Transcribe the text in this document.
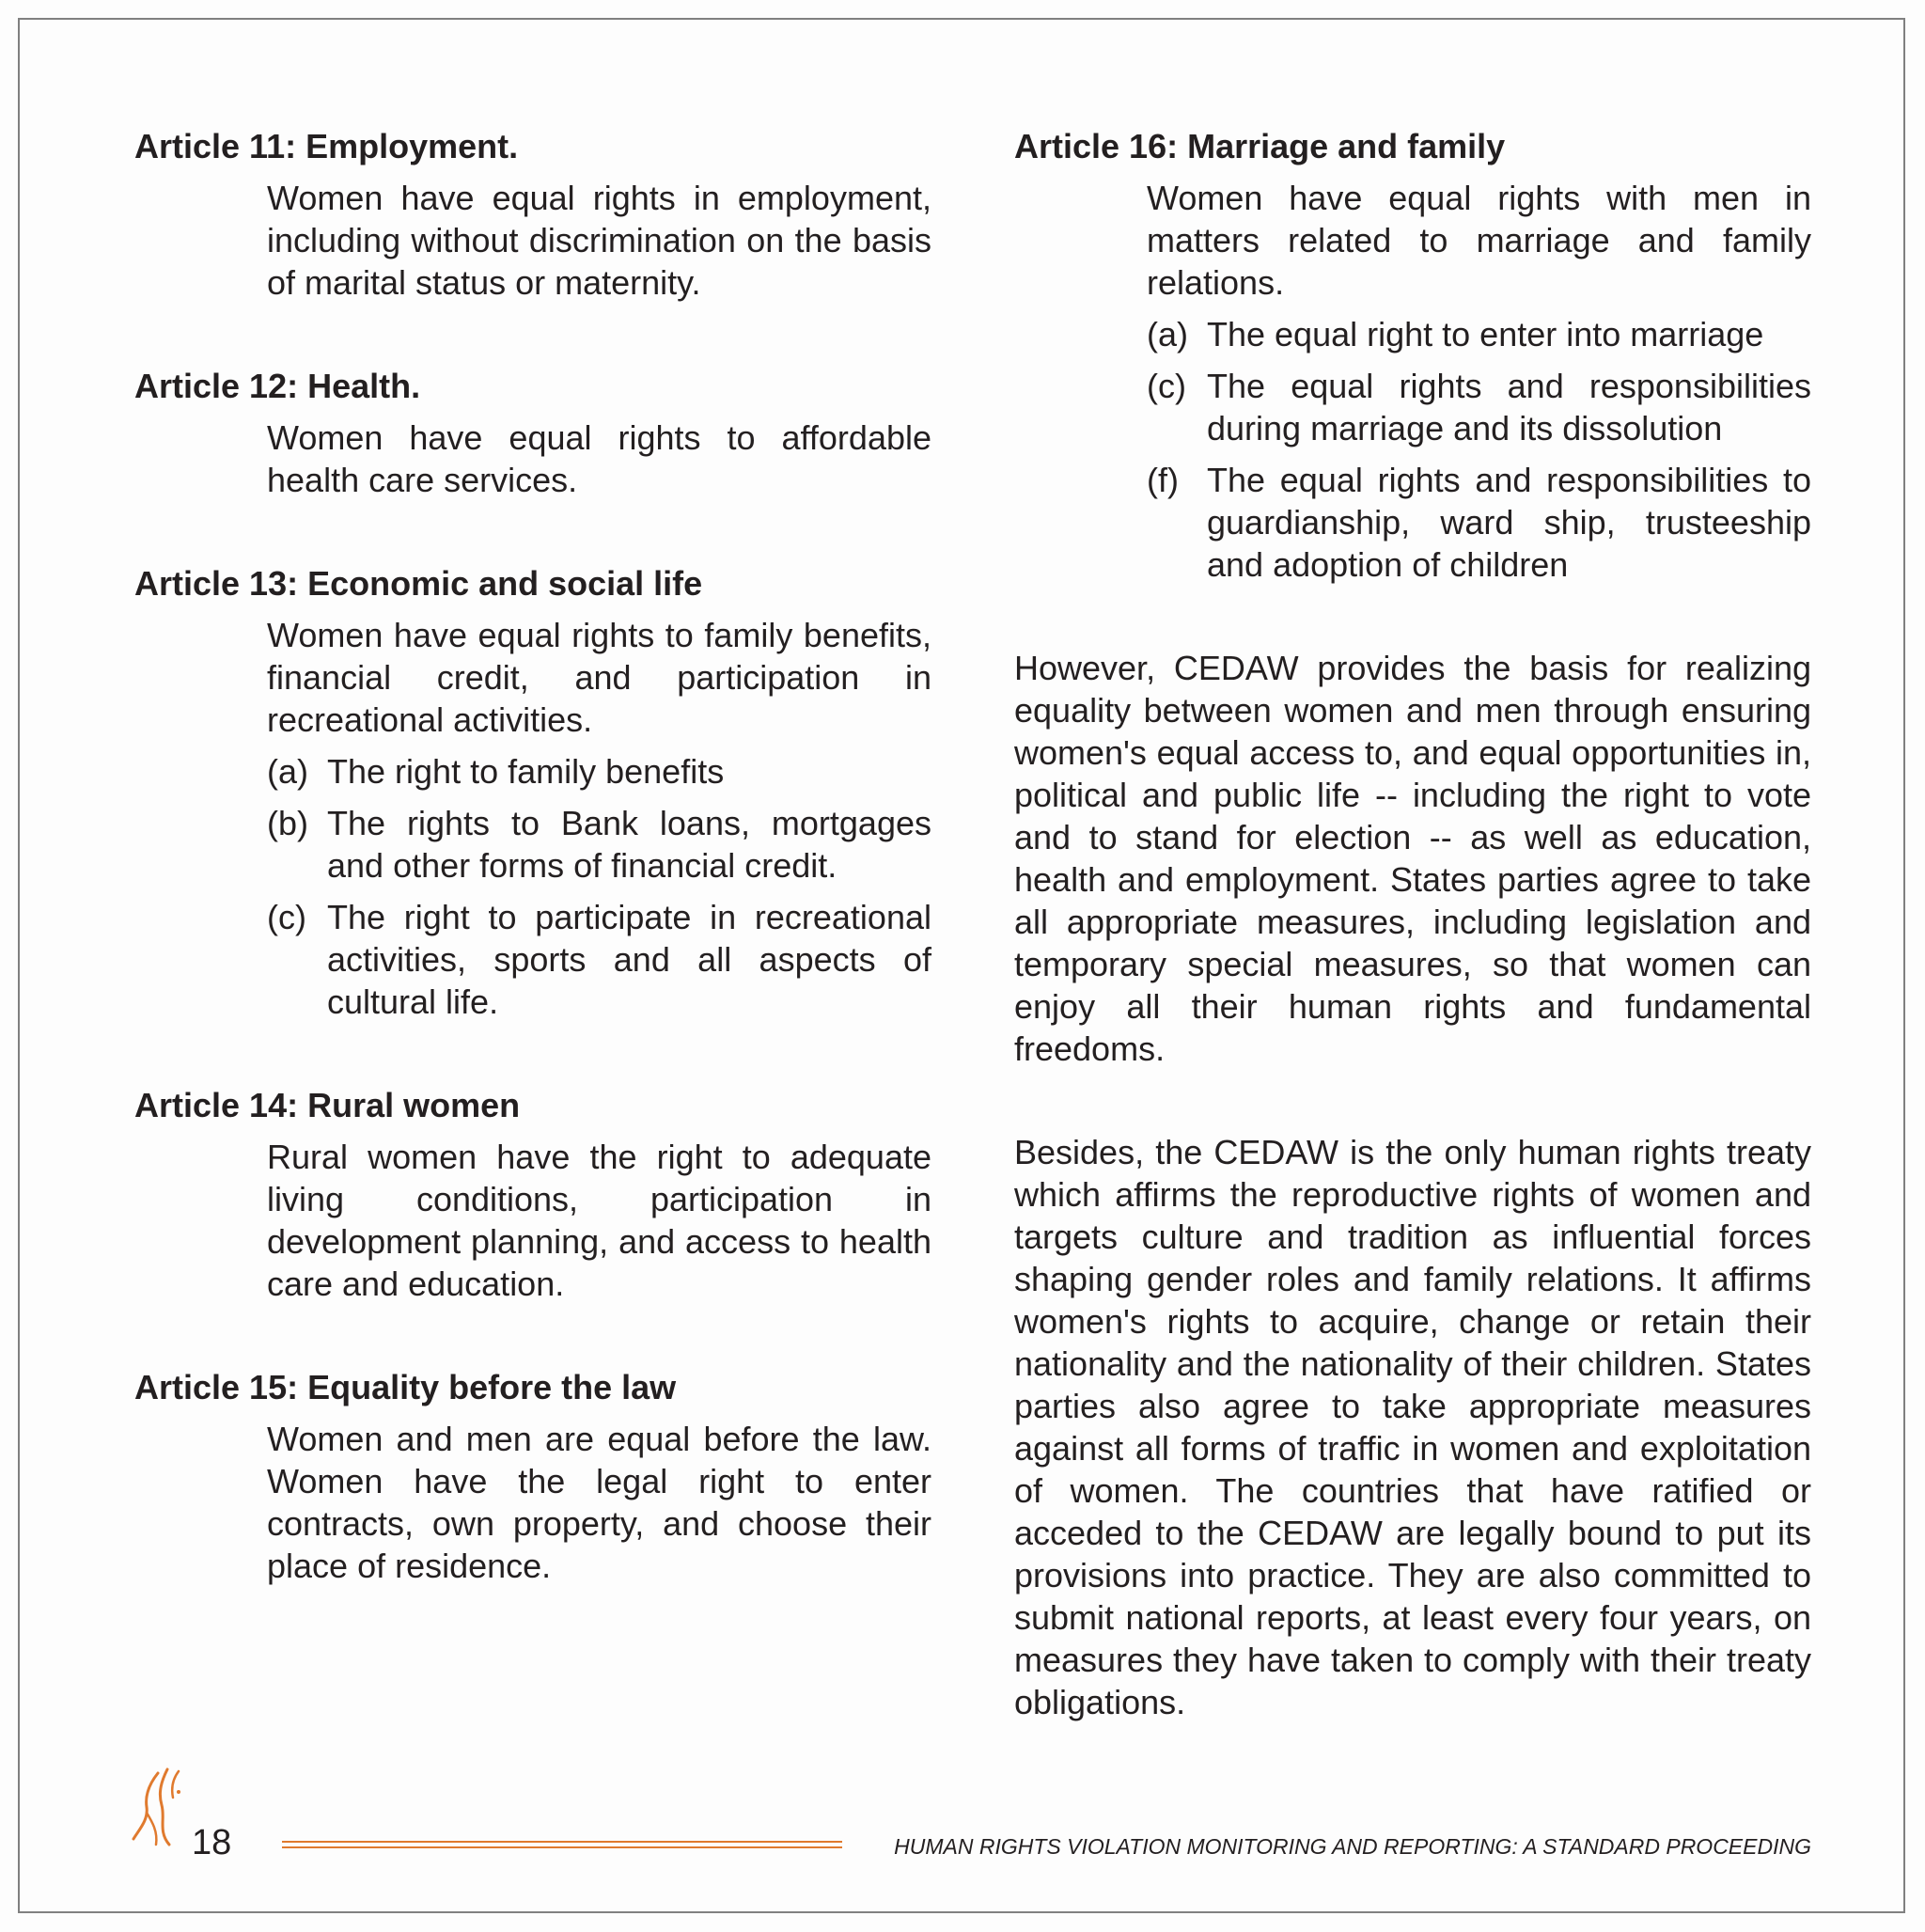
Article 11: Employment.

Women have equal rights in employment, including without discrimination on the basis of marital status or maternity.

Article 12: Health.

Women have equal rights to affordable health care services.

Article 13: Economic and social life

Women have equal rights to family benefits, financial credit, and participation in recreational activities.

(a) The right to family benefits
(b) The rights to Bank loans, mortgages and other forms of financial credit.
(c) The right to participate in recreational activities, sports and all aspects of cultural life.
Article 14: Rural women

Rural women have the right to adequate living conditions, participation in development planning, and access to health care and education.

Article 15: Equality before the law

Women and men are equal before the law. Women have the legal right to enter contracts, own property, and choose their place of residence.

Article 16: Marriage and family

Women have equal rights with men in matters related to marriage and family relations.

(a) The equal right to enter into marriage
(c) The equal rights and responsibilities during marriage and its dissolution
(f) The equal rights and responsibilities to guardianship, ward ship, trusteeship and adoption of children

However, CEDAW provides the basis for realizing equality between women and men through ensuring women's equal access to, and equal opportunities in, political and public life -- including the right to vote and to stand for election -- as well as education, health and employment. States parties agree to take all appropriate measures, including legislation and temporary special measures, so that women can enjoy all their human rights and fundamental freedoms.

Besides, the CEDAW is the only human rights treaty which affirms the reproductive rights of women and targets culture and tradition as influential forces shaping gender roles and family relations. It affirms women's rights to acquire, change or retain their nationality and the nationality of their children. States parties also agree to take appropriate measures against all forms of traffic in women and exploitation of women. The countries that have ratified or acceded to the CEDAW are legally bound to put its provisions into practice. They are also committed to submit national reports, at least every four years, on measures they have taken to comply with their treaty obligations.

18	HUMAN RIGHTS VIOLATION MONITORING AND REPORTING: A STANDARD PROCEEDING
